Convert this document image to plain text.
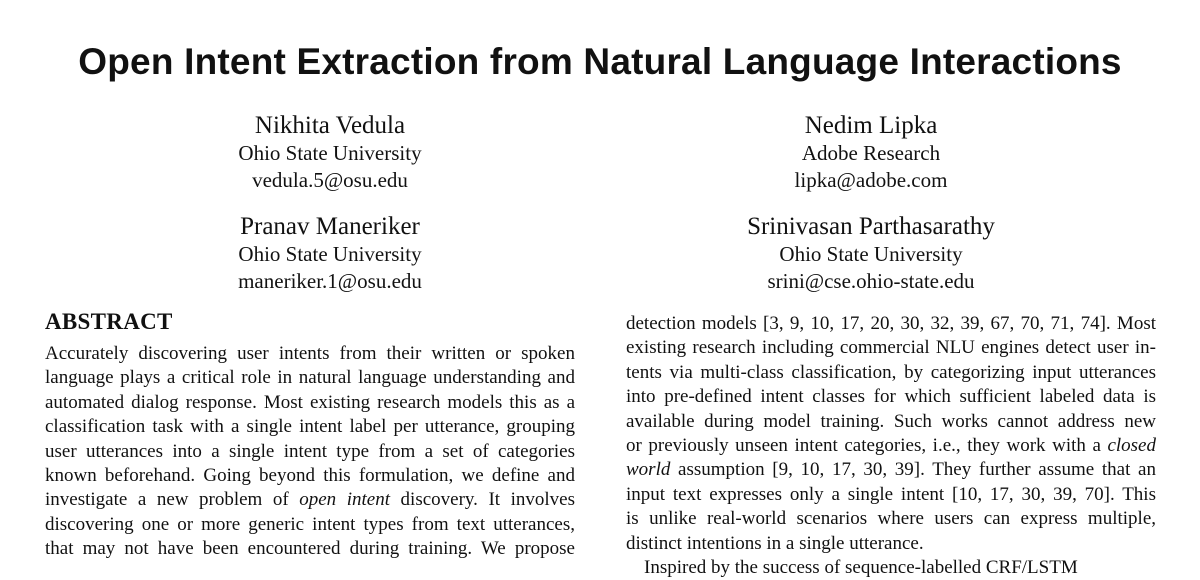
Open Intent Extraction from Natural Language Interactions
Nikhita Vedula
Ohio State University
vedula.5@osu.edu
Nedim Lipka
Adobe Research
lipka@adobe.com
Pranav Maneriker
Ohio State University
maneriker.1@osu.edu
Srinivasan Parthasarathy
Ohio State University
srini@cse.ohio-state.edu
ABSTRACT
Accurately discovering user intents from their written or spoken
language plays a critical role in natural language understanding and
automated dialog response. Most existing research models this as a
classification task with a single intent label per utterance, grouping
user utterances into a single intent type from a set of categories
known beforehand. Going beyond this formulation, we define and
investigate a new problem of open intent discovery. It involves
discovering one or more generic intent types from text utterances,
that may not have been encountered during training. We propose
detection models [3, 9, 10, 17, 20, 30, 32, 39, 67, 70, 71, 74]. Most
existing research including commercial NLU engines detect user in-
tents via multi-class classification, by categorizing input utterances
into pre-defined intent classes for which sufficient labeled data is
available during model training. Such works cannot address new
or previously unseen intent categories, i.e., they work with a closed
world assumption [9, 10, 17, 30, 39]. They further assume that an
input text expresses only a single intent [10, 17, 30, 39, 70]. This
is unlike real-world scenarios where users can express multiple,
distinct intentions in a single utterance.
Inspired by the success of sequence-labelled CRF/LSTM
